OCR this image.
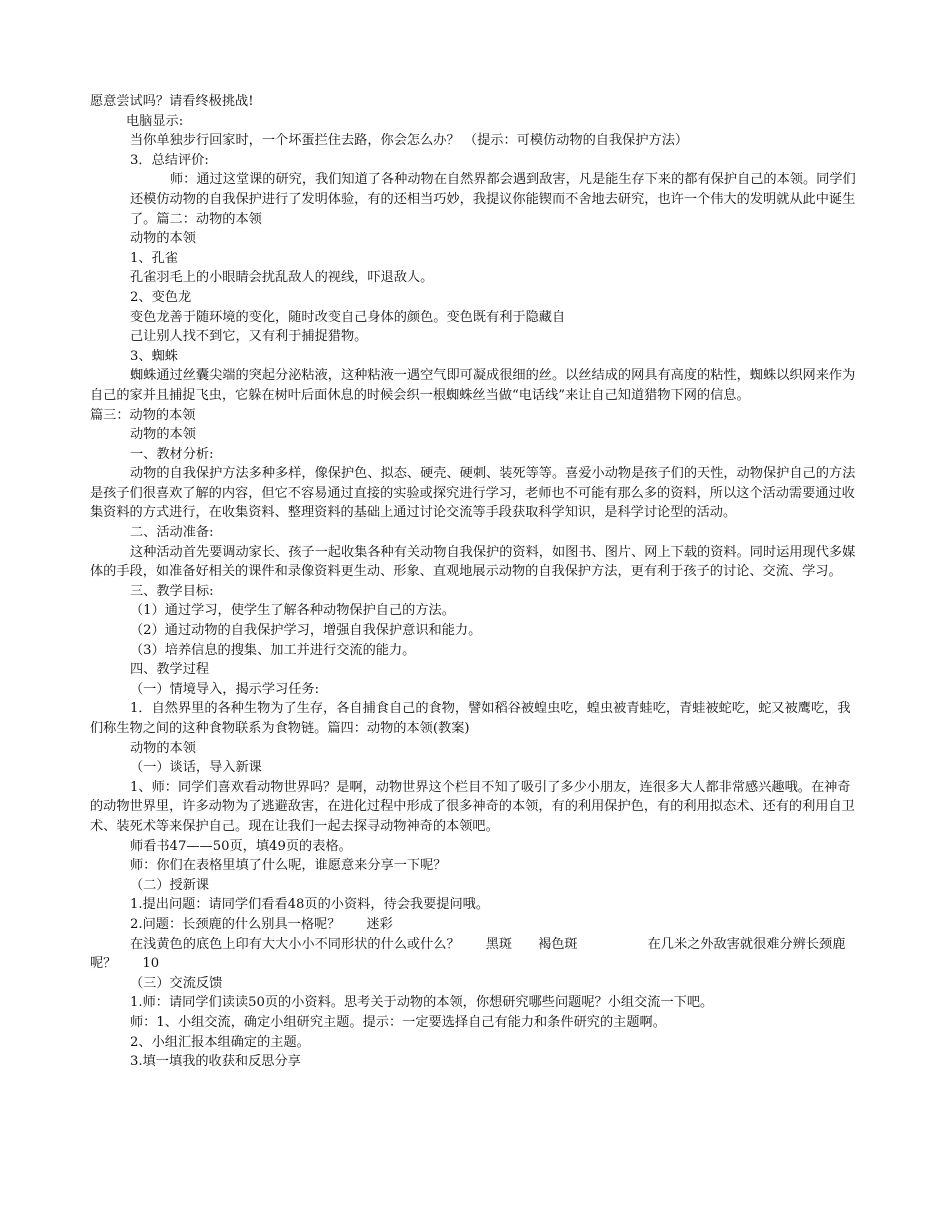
愿意尝试吗？请看终极挑战!

电脑显示:

当你单独步行回家时，一个坏蛋拦住去路，你会怎么办？ （提示：可模仿动物的自我保护方法）

3．总结评价:

师：通过这堂课的研究，我们知道了各种动物在自然界都会遇到敌害，凡是能生存下来的都有保护自己的本领。同学们还模仿动物的自我保护进行了发明体验，有的还相当巧妙，我提议你能锲而不舍地去研究，也许一个伟大的发明就从此中诞生了。篇二：动物的本领

动物的本领

1、孔雀

孔雀羽毛上的小眼睛会扰乱敌人的视线，吓退敌人。

2、变色龙

变色龙善于随环境的变化，随时改变自己身体的颜色。变色既有利于隐藏自

己让别人找不到它，又有利于捕捉猎物。

3、蜘蛛

蜘蛛通过丝囊尖端的突起分泌粘液，这种粘液一遇空气即可凝成很细的丝。以丝结成的网具有高度的粘性，蜘蛛以织网来作为自己的家并且捕捉飞虫，它躲在树叶后面休息的时候会织一根蜘蛛丝当做“电话线”来让自己知道猎物下网的信息。

篇三：动物的本领

动物的本领

一、教材分析:

动物的自我保护方法多种多样，像保护色、拟态、硬壳、硬刺、装死等等。喜爱小动物是孩子们的天性，动物保护自己的方法是孩子们很喜欢了解的内容，但它不容易通过直接的实验或探究进行学习，老师也不可能有那么多的资料，所以这个活动需要通过收集资料的方式进行，在收集资料、整理资料的基础上通过讨论交流等手段获取科学知识，是科学讨论型的活动。

二、活动准备:

这种活动首先要调动家长、孩子一起收集各种有关动物自我保护的资料，如图书、图片、网上下载的资料。同时运用现代多媒体的手段，如准备好相关的课件和录像资料更生动、形象、直观地展示动物的自我保护方法，更有利于孩子的讨论、交流、学习。

三、教学目标:

（1）通过学习，使学生了解各种动物保护自己的方法。

（2）通过动物的自我保护学习，增强自我保护意识和能力。

（3）培养信息的搜集、加工并进行交流的能力。

四、教学过程

（一）情境导入，揭示学习任务:

1．自然界里的各种生物为了生存，各自捕食自己的食物，譬如稻谷被蝗虫吃，蝗虫被青蛙吃，青蛙被蛇吃，蛇又被鹰吃，我们称生物之间的这种食物联系为食物链。篇四：动物的本领(教案)

动物的本领

（一）谈话，导入新课

1、师：同学们喜欢看动物世界吗？是啊，动物世界这个栏目不知了吸引了多少小朋友，连很多大人都非常感兴趣哦。在神奇的动物世界里，许多动物为了逃避敌害，在进化过程中形成了很多神奇的本领，有的利用保护色，有的利用拟态术、还有的利用自卫术、装死术等来保护自己。现在让我们一起去探寻动物神奇的本领吧。

师看书47——50页，填49页的表格。

师：你们在表格里填了什么呢，谁愿意来分享一下呢？

（二）授新课

1.提出问题：请同学们看看48页的小资料，待会我要提问哦。

2.问题：长颈鹿的什么别具一格呢？ 迷彩

在浅黄色的底色上印有大大小小不同形状的什么或什么？ 黑斑 褐色斑	在几米之外敌害就很难分辨长颈鹿呢？ 10

（三）交流反馈

1.师：请同学们读读50页的小资料。思考关于动物的本领，你想研究哪些问题呢？小组交流一下吧。

师：1、小组交流，确定小组研究主题。提示：一定要选择自己有能力和条件研究的主题啊。

2、小组汇报本组确定的主题。

3.填一填我的收获和反思分享
